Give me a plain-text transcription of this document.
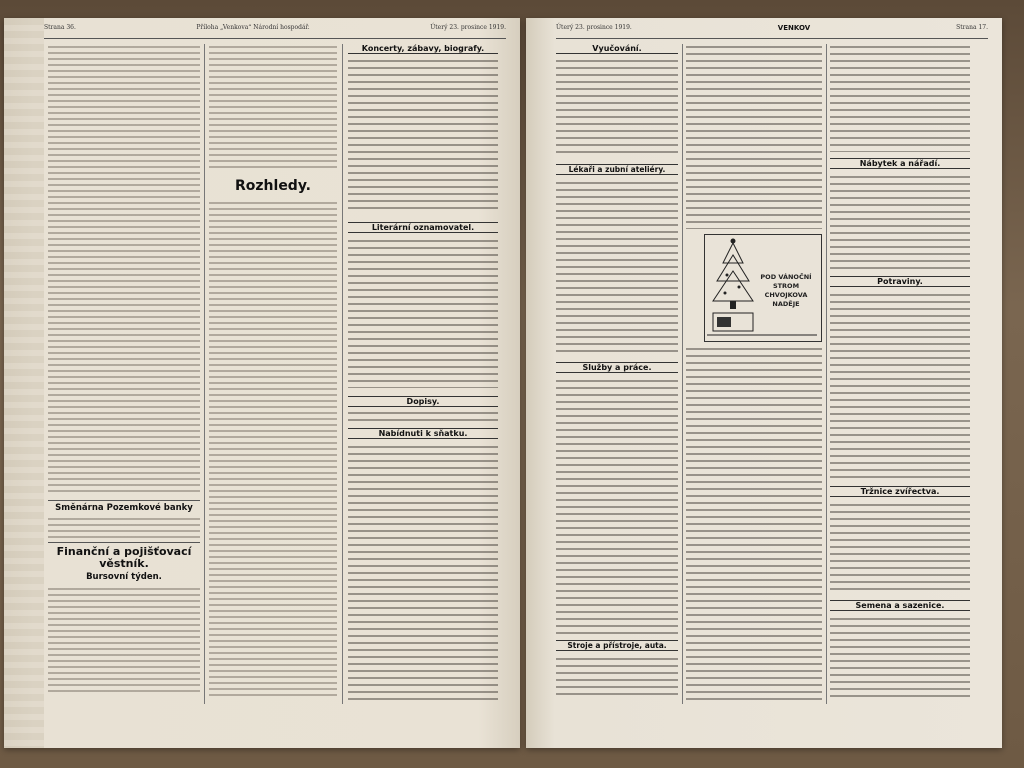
Strana 36.	Příloha „Venkova“ Národní hospodář.	Úterý 23. prosince 1919.
Směnárna Pozemkové banky
Finanční a pojišťovací věstník.
Bursovní týden.
Rozhledy.
Koncerty, zábavy, biografy.
Literární oznamovatel.
Dopisy.
Nabídnuti k sňatku.
Úterý 23. prosince 1919.	VENKOV	Strana 17.
Vyučování.
Lékaři a zubní ateliéry.
Služby a práce.
Stroje a přístroje, auta.
POD VÁNOČNÍ STROM CHVOJKOVA NADĚJE
Nábytek a nářadí.
Potraviny.
Tržnice zvířectva.
Semena a sazenice.
